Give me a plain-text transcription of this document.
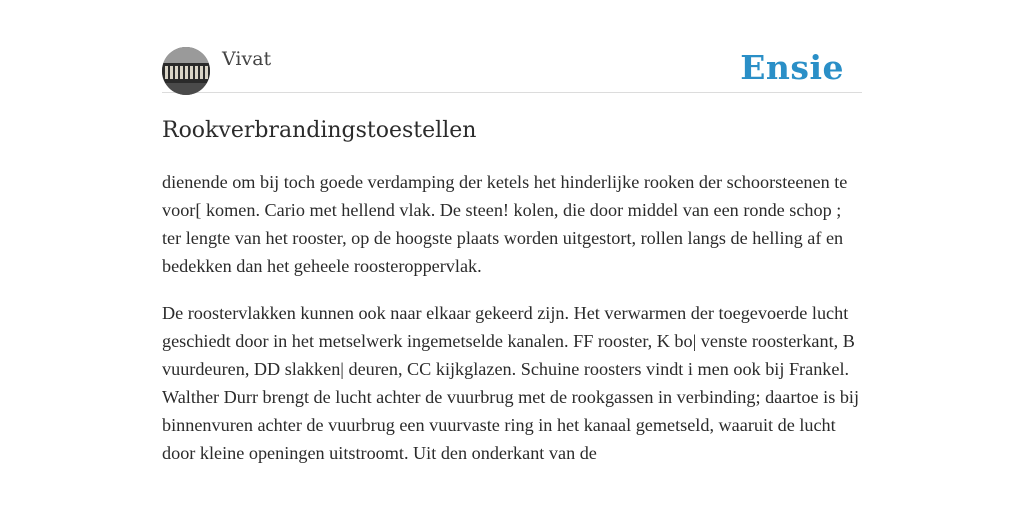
Vivat	Ensie
Rookverbrandingstoestellen

dienende om bij toch goede verdamping der ketels het hinderlijke rooken der schoorsteenen te voor[ komen. Cario met hellend vlak. De steen! kolen, die door middel van een ronde schop ; ter lengte van het rooster, op de hoogste plaats worden uitgestort, rollen langs de helling af en bedekken dan het geheele roosteroppervlak.

De roostervlakken kunnen ook naar elkaar gekeerd zijn. Het verwarmen der toegevoerde lucht geschiedt door in het metselwerk ingemetselde kanalen. FF rooster, K bo| venste roosterkant, B vuurdeuren, DD slakken| deuren, CC kijkglazen. Schuine roosters vindt i men ook bij Frankel. Walther Durr brengt de lucht achter de vuurbrug met de rookgassen in verbinding; daartoe is bij binnenvuren achter de vuurbrug een vuurvaste ring in het kanaal gemetseld, waaruit de lucht door kleine openingen uitstroomt. Uit den onderkant van de
